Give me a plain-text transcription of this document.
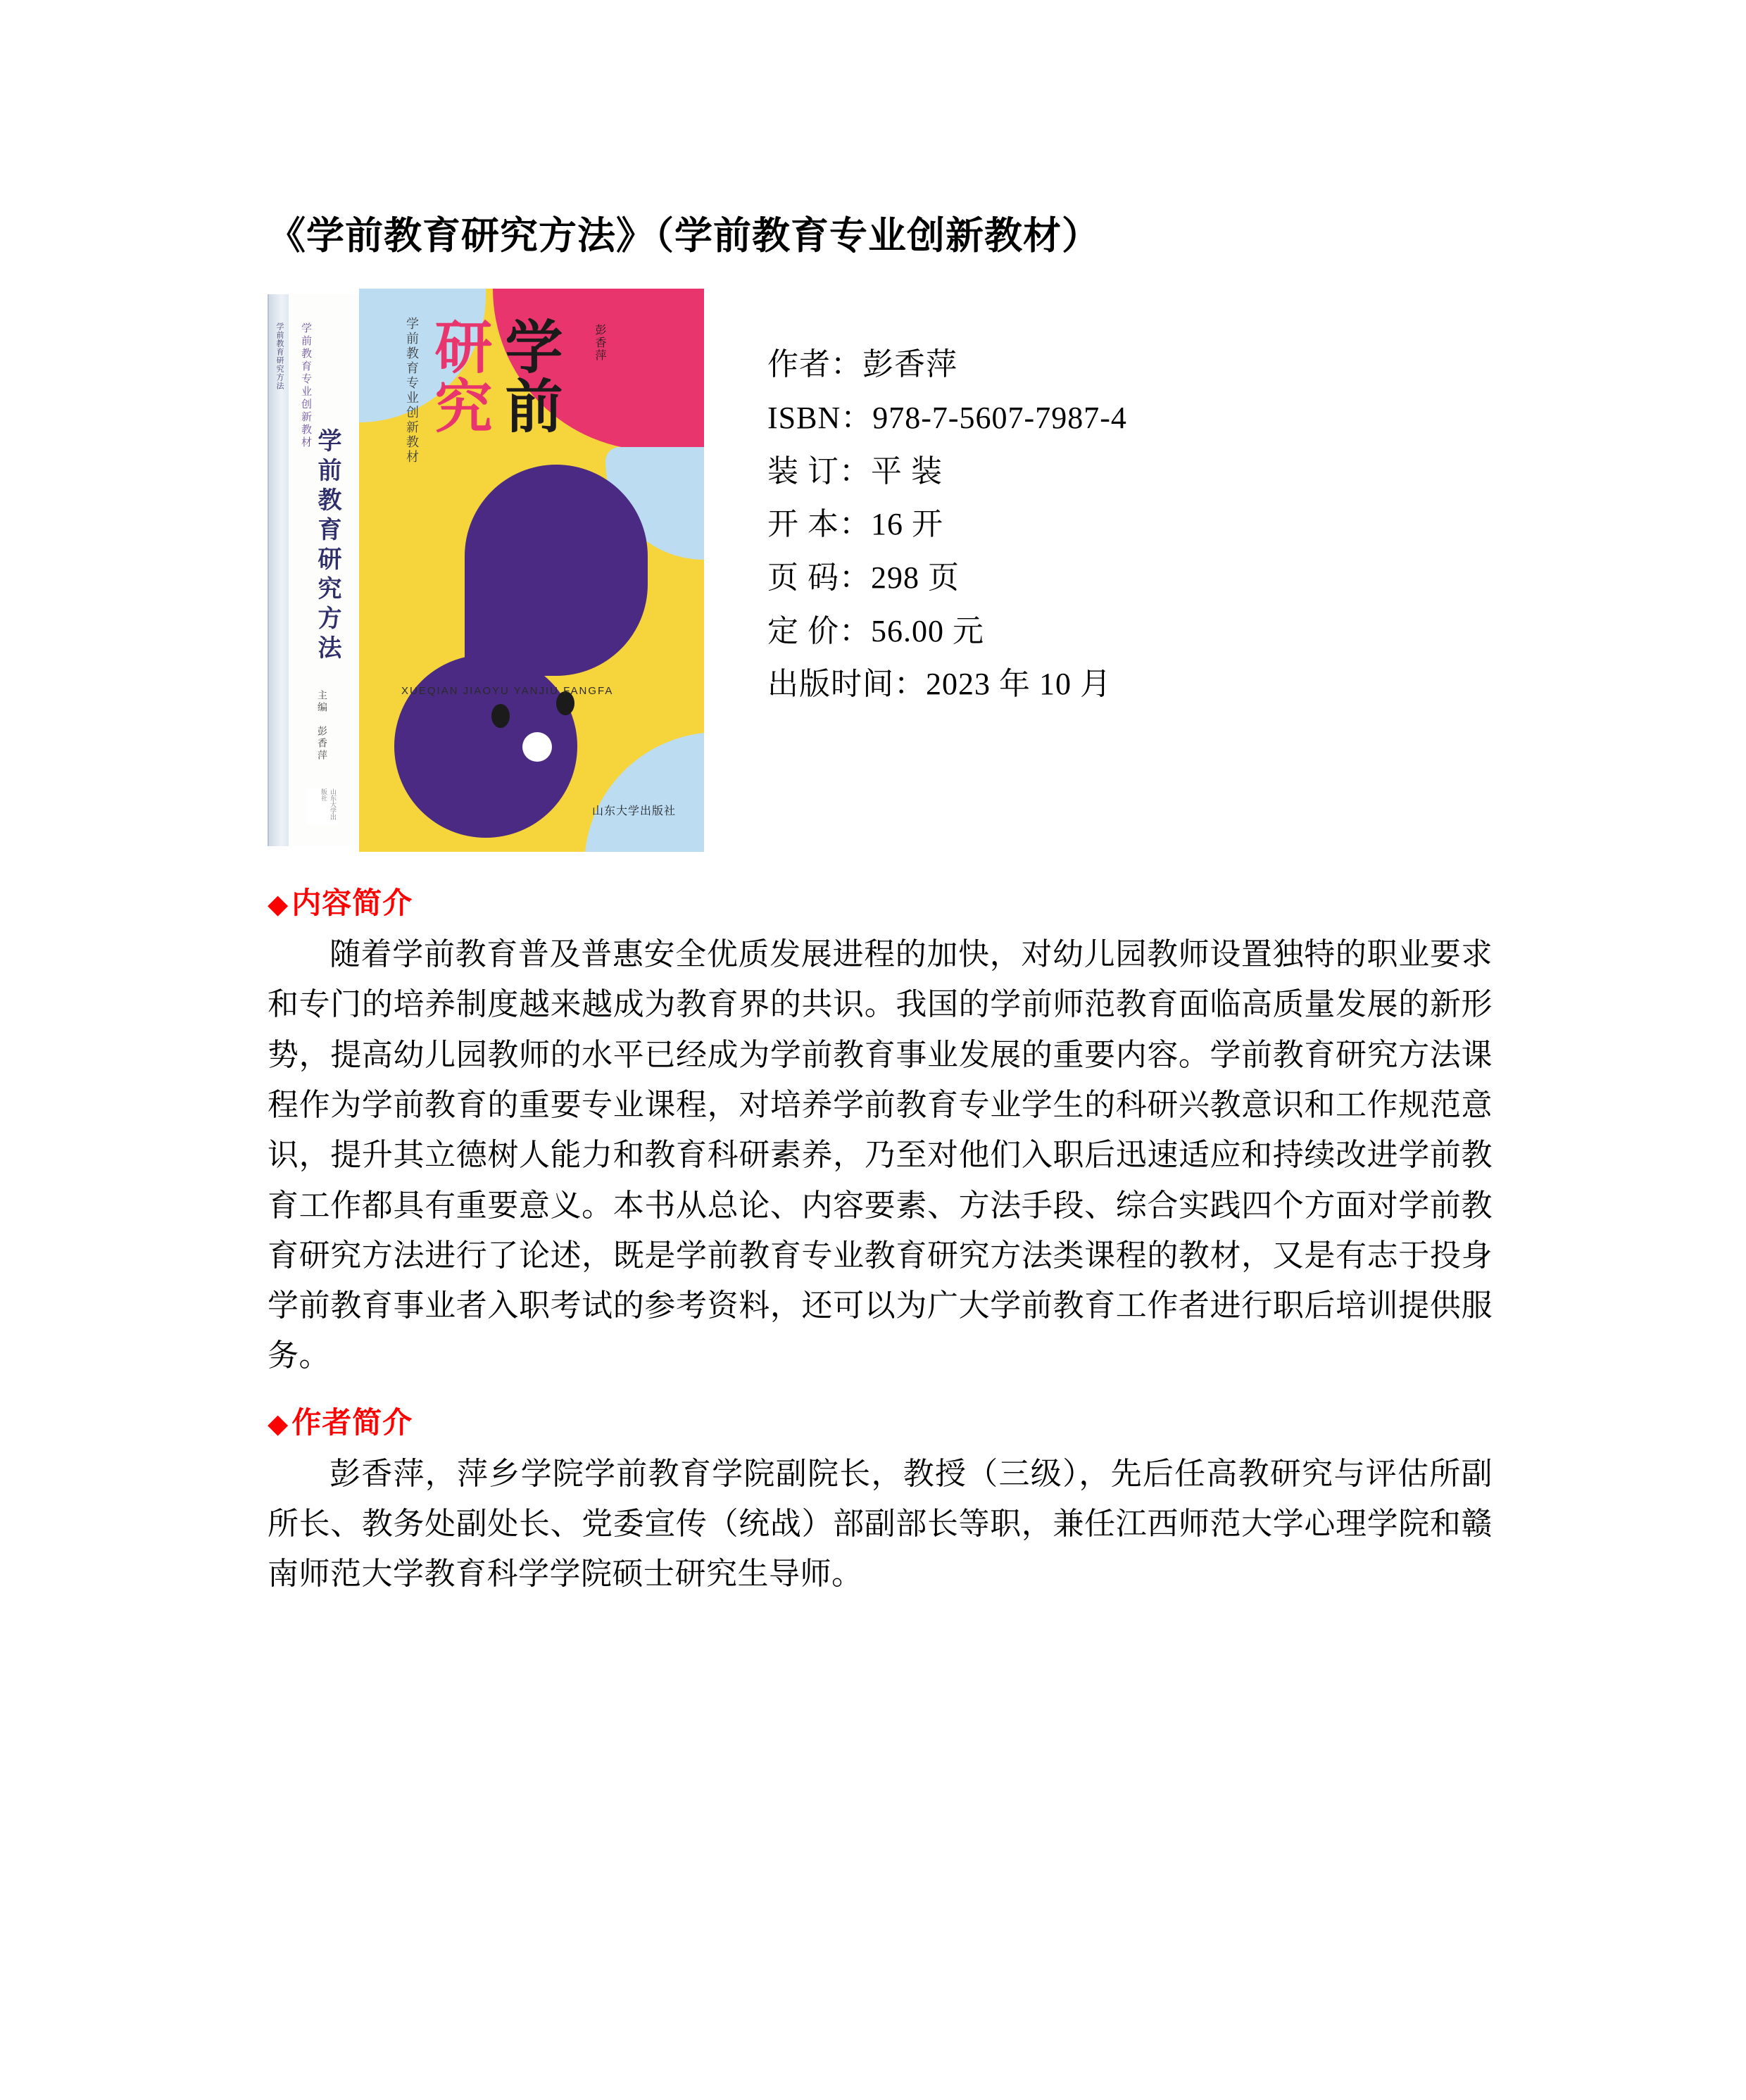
《学前教育研究方法》（学前教育专业创新教材）
学前教育研究方法	学前教育专业创新教材
学前教育研究方法
主编　彭香萍
山东大学出版社
学前教育专业创新教材 学前
研究	彭香萍
XUEQIAN JIAOYU YANJIU FANGFA
山东大学出版社
作者：彭香萍
ISBN：978-7-5607-7987-4
装 订：平 装
开 本：16 开
页 码：298 页
定 价：56.00 元
出版时间：2023 年 10 月
◆内容简介

随着学前教育普及普惠安全优质发展进程的加快，对幼儿园教师设置独特的职业要求和专门的培养制度越来越成为教育界的共识。我国的学前师范教育面临高质量发展的新形势，提高幼儿园教师的水平已经成为学前教育事业发展的重要内容。学前教育研究方法课程作为学前教育的重要专业课程，对培养学前教育专业学生的科研兴教意识和工作规范意识，提升其立德树人能力和教育科研素养，乃至对他们入职后迅速适应和持续改进学前教育工作都具有重要意义。本书从总论、内容要素、方法手段、综合实践四个方面对学前教育研究方法进行了论述，既是学前教育专业教育研究方法类课程的教材，又是有志于投身学前教育事业者入职考试的参考资料，还可以为广大学前教育工作者进行职后培训提供服务。

◆作者简介

彭香萍，萍乡学院学前教育学院副院长，教授（三级），先后任高教研究与评估所副所长、教务处副处长、党委宣传（统战）部副部长等职，兼任江西师范大学心理学院和赣南师范大学教育科学学院硕士研究生导师。
